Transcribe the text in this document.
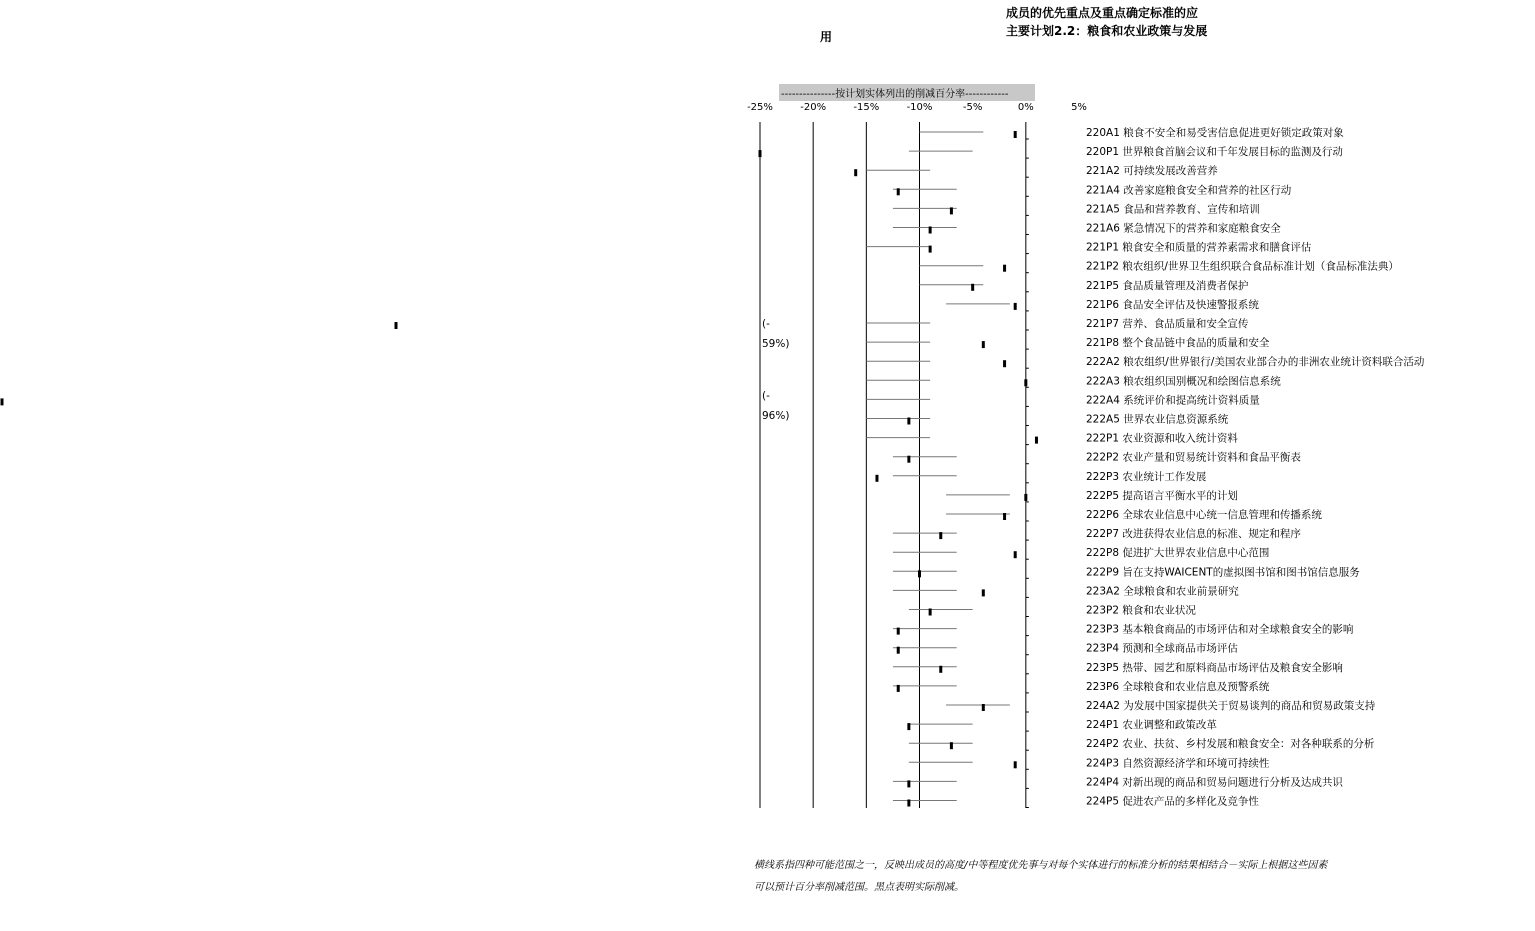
成员的优先重点及重点确定标准的应
主要计划2.2：粮食和农业政策与发展
用
---------------按计划实体列出的削减百分率------------
(-
59%)
(-
96%)
-25%	-20%	-15%	-10%	-5%	0%	5%
220A1 粮食不安全和易受害信息促进更好锁定政策对象
220P1 世界粮食首脑会议和千年发展目标的监测及行动
221A2 可持续发展改善营养
221A4 改善家庭粮食安全和营养的社区行动
221A5 食品和营养教育、宣传和培训
221A6 紧急情况下的营养和家庭粮食安全
221P1 粮食安全和质量的营养素需求和膳食评估
221P2 粮农组织/世界卫生组织联合食品标准计划（食品标准法典）
221P5 食品质量管理及消费者保护
221P6 食品安全评估及快速警报系统
221P7 营养、食品质量和安全宣传
221P8 整个食品链中食品的质量和安全
222A2 粮农组织/世界银行/美国农业部合办的非洲农业统计资料联合活动
222A3 粮农组织国别概况和绘图信息系统
222A4 系统评价和提高统计资料质量
222A5 世界农业信息资源系统
222P1 农业资源和收入统计资料
222P2 农业产量和贸易统计资料和食品平衡表
222P3 农业统计工作发展
222P5 提高语言平衡水平的计划
222P6 全球农业信息中心统一信息管理和传播系统
222P7 改进获得农业信息的标准、规定和程序
222P8 促进扩大世界农业信息中心范围
222P9 旨在支持WAICENT的虚拟图书馆和图书馆信息服务
223A2 全球粮食和农业前景研究
223P2 粮食和农业状况
223P3 基本粮食商品的市场评估和对全球粮食安全的影响
223P4 预测和全球商品市场评估
223P5 热带、园艺和原料商品市场评估及粮食安全影响
223P6 全球粮食和农业信息及预警系统
224A2 为发展中国家提供关于贸易谈判的商品和贸易政策支持
224P1 农业调整和政策改革
224P2 农业、扶贫、乡村发展和粮食安全：对各种联系的分析
224P3 自然资源经济学和环境可持续性
224P4 对新出现的商品和贸易问题进行分析及达成共识
224P5 促进农产品的多样化及竞争性
横线系指四种可能范围之一，反映出成员的高度/中等程度优先事与对每个实体进行的标准分析的结果相结合－实际上根据这些因素
可以预计百分率削减范围。黑点表明实际削减。
